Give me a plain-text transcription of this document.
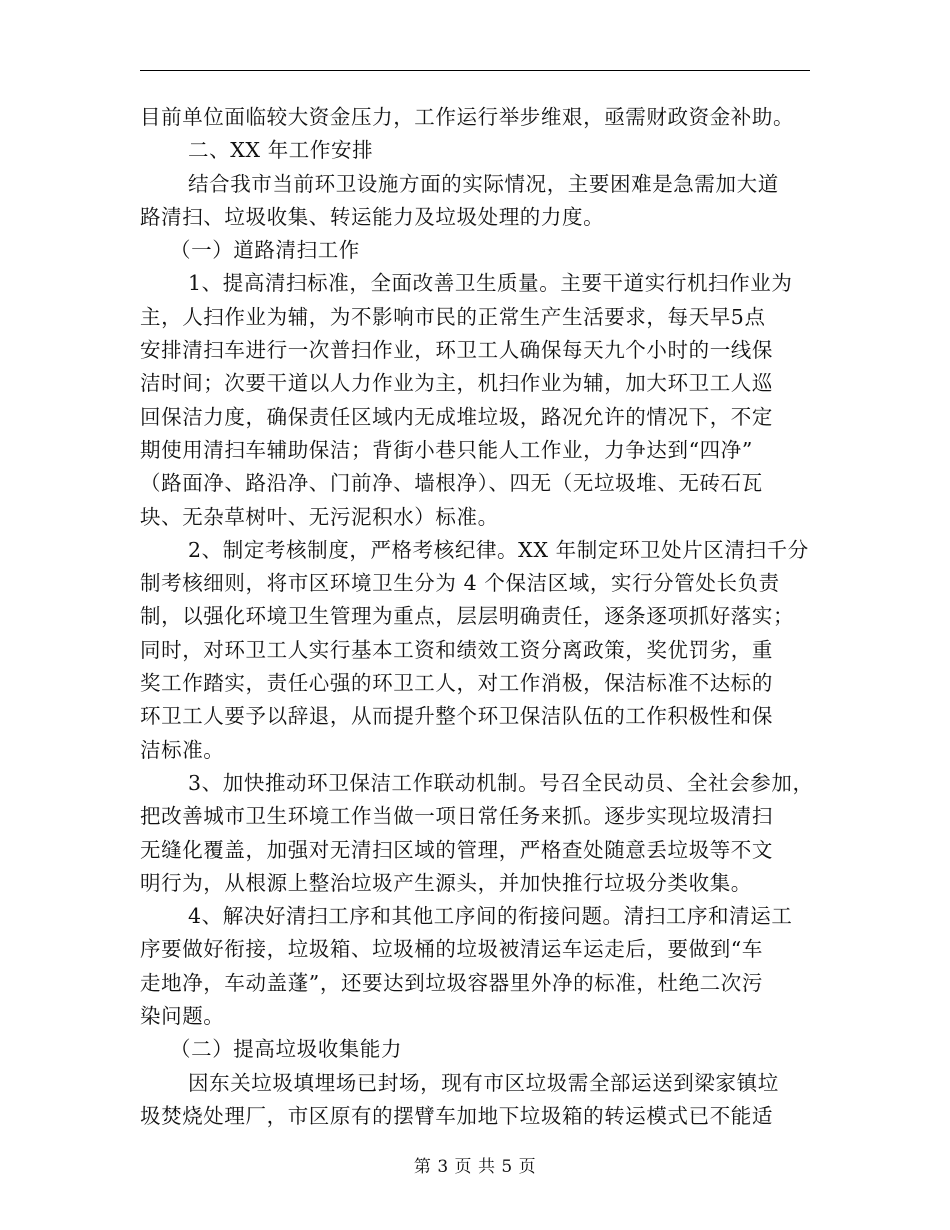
目前单位面临较大资金压力，工作运行举步维艰，亟需财政资金补助。
二、XX 年工作安排
结合我市当前环卫设施方面的实际情况，主要困难是急需加大道
路清扫、垃圾收集、转运能力及垃圾处理的力度。
（一）道路清扫工作
1、提高清扫标准，全面改善卫生质量。主要干道实行机扫作业为
主，人扫作业为辅，为不影响市民的正常生产生活要求，每天早5点
安排清扫车进行一次普扫作业，环卫工人确保每天九个小时的一线保
洁时间；次要干道以人力作业为主，机扫作业为辅，加大环卫工人巡
回保洁力度，确保责任区域内无成堆垃圾，路况允许的情况下，不定
期使用清扫车辅助保洁；背街小巷只能人工作业，力争达到“四净”
（路面净、路沿净、门前净、墙根净）、四无（无垃圾堆、无砖石瓦
块、无杂草树叶、无污泥积水）标准。
2、制定考核制度，严格考核纪律。XX 年制定环卫处片区清扫千分
制考核细则，将市区环境卫生分为 4 个保洁区域，实行分管处长负责
制，以强化环境卫生管理为重点，层层明确责任，逐条逐项抓好落实；
同时，对环卫工人实行基本工资和绩效工资分离政策，奖优罚劣，重
奖工作踏实，责任心强的环卫工人，对工作消极，保洁标准不达标的
环卫工人要予以辞退，从而提升整个环卫保洁队伍的工作积极性和保
洁标准。
3、加快推动环卫保洁工作联动机制。号召全民动员、全社会参加，
把改善城市卫生环境工作当做一项日常任务来抓。逐步实现垃圾清扫
无缝化覆盖，加强对无清扫区域的管理，严格查处随意丢垃圾等不文
明行为，从根源上整治垃圾产生源头，并加快推行垃圾分类收集。
4、解决好清扫工序和其他工序间的衔接问题。清扫工序和清运工
序要做好衔接，垃圾箱、垃圾桶的垃圾被清运车运走后，要做到“车
走地净，车动盖蓬”，还要达到垃圾容器里外净的标准，杜绝二次污
染问题。
（二）提高垃圾收集能力
因东关垃圾填埋场已封场，现有市区垃圾需全部运送到梁家镇垃
圾焚烧处理厂，市区原有的摆臂车加地下垃圾箱的转运模式已不能适
第 3 页 共 5 页
